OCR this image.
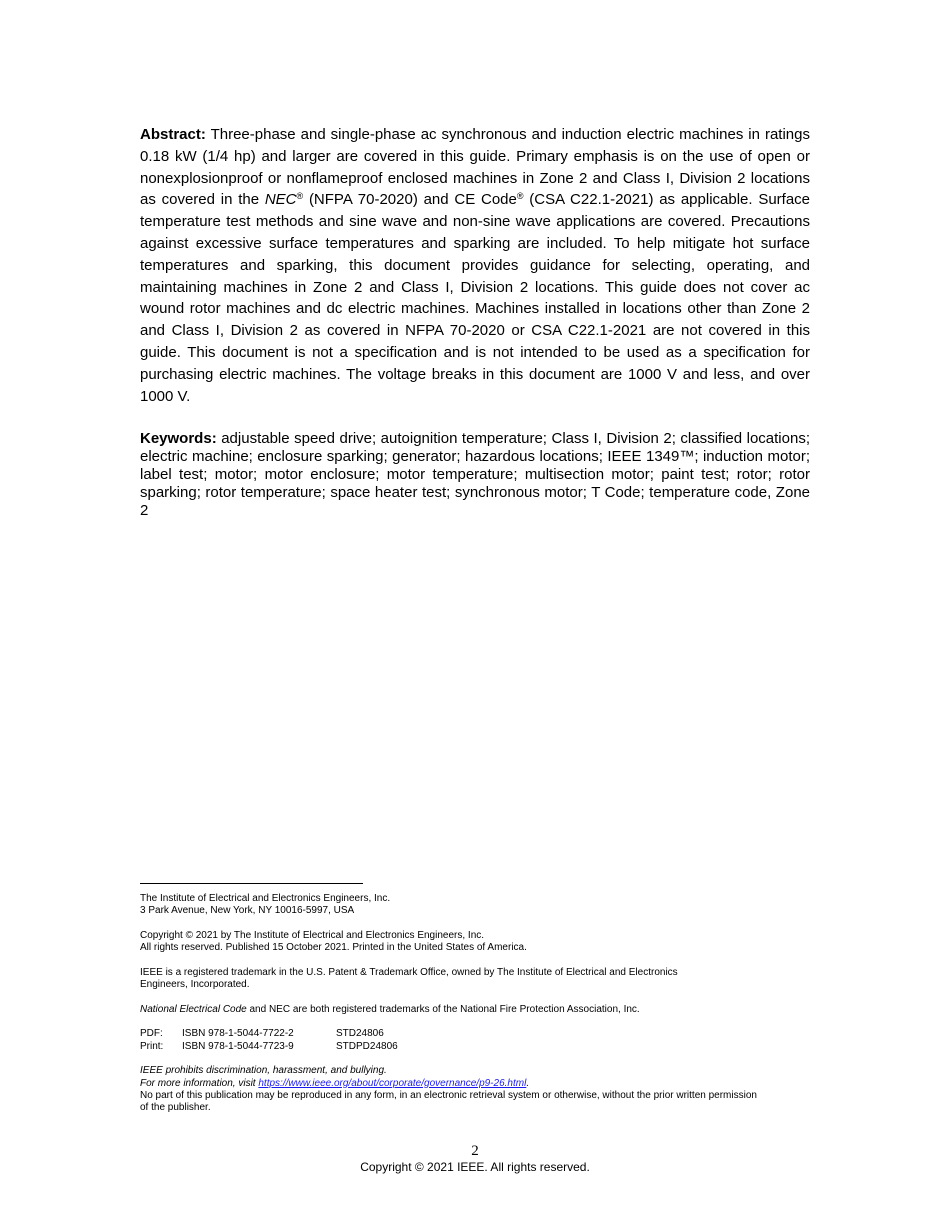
Abstract: Three-phase and single-phase ac synchronous and induction electric machines in ratings 0.18 kW (1/4 hp) and larger are covered in this guide. Primary emphasis is on the use of open or nonexplosionproof or nonflameproof enclosed machines in Zone 2 and Class I, Division 2 locations as covered in the NEC® (NFPA 70-2020) and CE Code® (CSA C22.1-2021) as applicable. Surface temperature test methods and sine wave and non-sine wave applications are covered. Precautions against excessive surface temperatures and sparking are included. To help mitigate hot surface temperatures and sparking, this document provides guidance for selecting, operating, and maintaining machines in Zone 2 and Class I, Division 2 locations. This guide does not cover ac wound rotor machines and dc electric machines. Machines installed in locations other than Zone 2 and Class I, Division 2 as covered in NFPA 70-2020 or CSA C22.1-2021 are not covered in this guide. This document is not a specification and is not intended to be used as a specification for purchasing electric machines. The voltage breaks in this document are 1000 V and less, and over 1000 V.

Keywords: adjustable speed drive; autoignition temperature; Class I, Division 2; classified locations; electric machine; enclosure sparking; generator; hazardous locations; IEEE 1349™; induction motor; label test; motor; motor enclosure; motor temperature; multisection motor; paint test; rotor; rotor sparking; rotor temperature; space heater test; synchronous motor; T Code; temperature code, Zone 2

The Institute of Electrical and Electronics Engineers, Inc.

3 Park Avenue, New York, NY 10016-5997, USA

Copyright © 2021 by The Institute of Electrical and Electronics Engineers, Inc.

All rights reserved. Published 15 October 2021. Printed in the United States of America.

IEEE is a registered trademark in the U.S. Patent & Trademark Office, owned by The Institute of Electrical and Electronics

Engineers, Incorporated.

National Electrical Code and NEC are both registered trademarks of the National Fire Protection Association, Inc.

PDF:	ISBN 978-1-5044-7722-2	STD24806
Print:	ISBN 978-1-5044-7723-9	STDPD24806

IEEE prohibits discrimination, harassment, and bullying.

For more information, visit https://www.ieee.org/about/corporate/governance/p9-26.html.

No part of this publication may be reproduced in any form, in an electronic retrieval system or otherwise, without the prior written permission

of the publisher.

2
Copyright © 2021 IEEE. All rights reserved.
